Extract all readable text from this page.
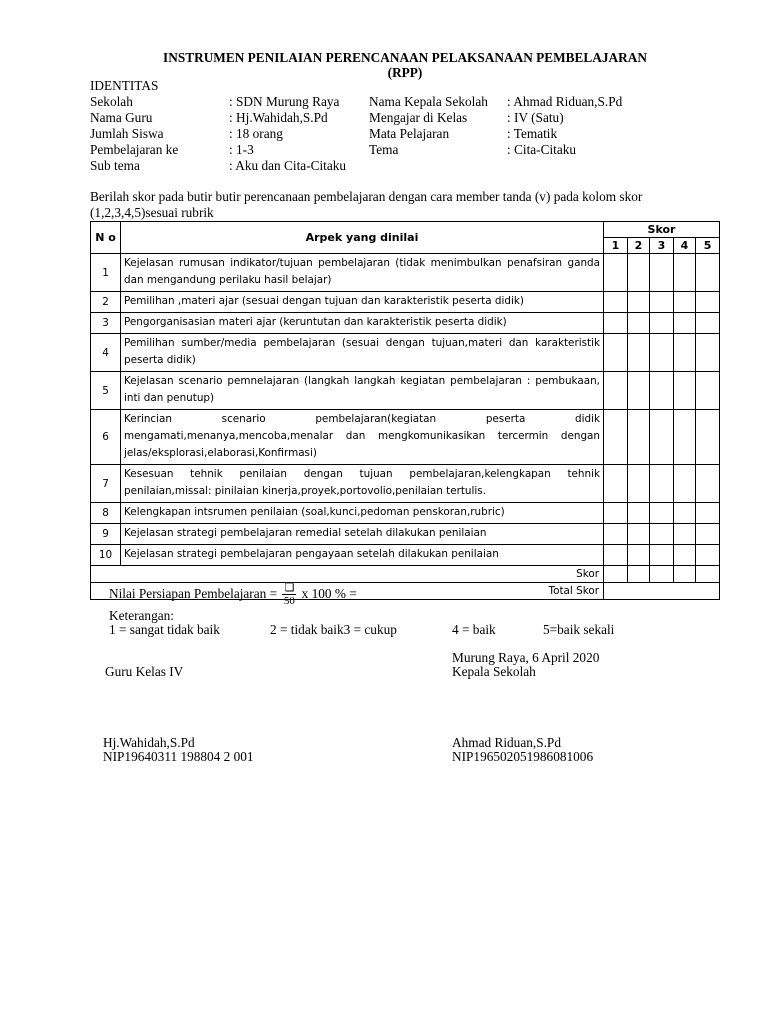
INSTRUMEN PENILAIAN PERENCANAAN PELAKSANAAN PEMBELAJARAN
(RPP)
IDENTITAS
Sekolah	: SDN Murung Raya Nama Kepala Sekolah : Ahmad Riduan,S.Pd
Nama Guru	: Hj.Wahidah,S.Pd	Mengajar di Kelas	: IV (Satu)
Jumlah Siswa	: 18 orang	Mata Pelajaran	: Tematik
Pembelajaran ke	: 1-3	Tema	: Cita-Citaku
Sub tema	: Aku dan Cita-Citaku
Berilah skor pada butir butir perencanaan pembelajaran dengan cara member tanda (v) pada kolom skor (1,2,3,4,5)sesuai rubrik
N o	Arpek yang dinilai	Skor				
		1	2	3	4	5
1	Kejelasan rumusan indikator/tujuan pembelajaran (tidak menimbulkan penafsiran ganda dan mengandung perilaku hasil belajar)					
2	Pemilihan ,materi ajar (sesuai dengan tujuan dan karakteristik peserta didik)					
3	Pengorganisasian materi ajar (keruntutan dan karakteristik peserta didik)					
4	Pemilihan sumber/media pembelajaran (sesuai dengan tujuan,materi dan karakteristik peserta didik)					
5	Kejelasan scenario pemnelajaran (langkah langkah kegiatan pembelajaran : pembukaan, inti dan penutup)					
6	Kerincian scenario pembelajaran(kegiatan peserta didik mengamati,menanya,mencoba,menalar dan mengkomunikasikan tercermin dengan jelas/eksplorasi,elaborasi,Konfirmasi)					
7	Kesesuan tehnik penilaian dengan tujuan pembelajaran,kelengkapan tehnik penilaian,missal: pinilaian kinerja,proyek,portovolio,penilaian tertulis.					
8	Kelengkapan intsrumen penilaian (soal,kunci,pedoman penskoran,rubric)					
9	Kejelasan strategi pembelajaran remedial setelah dilakukan penilaian					
10	Kejelasan strategi pembelajaran pengayaan setelah dilakukan penilaian					
Skor						
Total Skor						
Nilai Persiapan Pembelajaran = $\frac{❏}{50}$ x 100 % =
Keterangan:
1 = sangat tidak baik	2 = tidak baik3 = cukup	4 = baik	5=baik sekali
Murung Raya, 6 April 2020
Guru Kelas IV	Kepala Sekolah
Hj.Wahidah,S.Pd
NIP19640311 198804 2 001
Ahmad Riduan,S.Pd
NIP196502051986081006
